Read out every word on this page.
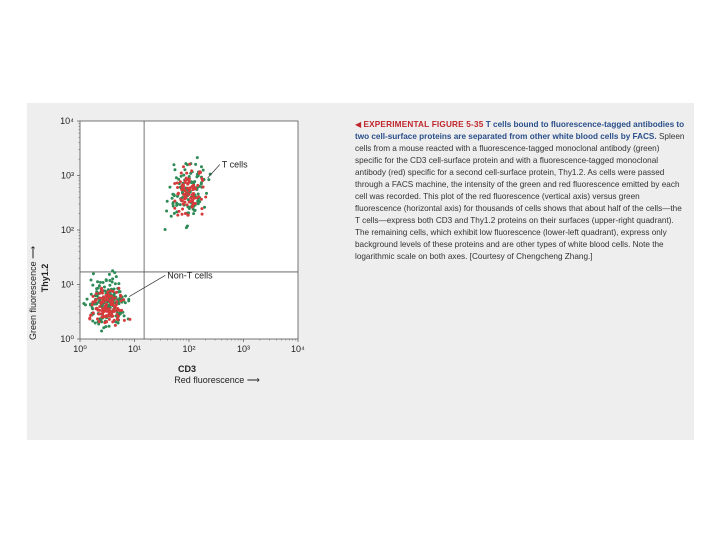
10⁰
10⁰
10¹
10¹
10²
10²
10³
10³
10⁴
10⁴
T cells
Non-T cells
Green fluorescence ⟶
Thy1.2
CD3
Red fluorescence ⟶
◀ EXPERIMENTAL FIGURE 5-35 T cells bound to fluorescence-tagged antibodies to two cell-surface proteins are separated from other white blood cells by FACS. Spleen cells from a mouse reacted with a fluorescence-tagged monoclonal antibody (green) specific for the CD3 cell-surface protein and with a fluorescence-tagged monoclonal antibody (red) specific for a second cell-surface protein, Thy1.2. As cells were passed through a FACS machine, the intensity of the green and red fluorescence emitted by each cell was recorded. This plot of the red fluorescence (vertical axis) versus green fluorescence (horizontal axis) for thousands of cells shows that about half of the cells—the T cells—express both CD3 and Thy1.2 proteins on their surfaces (upper-right quadrant). The remaining cells, which exhibit low fluorescence (lower-left quadrant), express only background levels of these proteins and are other types of white blood cells. Note the logarithmic scale on both axes. [Courtesy of Chengcheng Zhang.]
